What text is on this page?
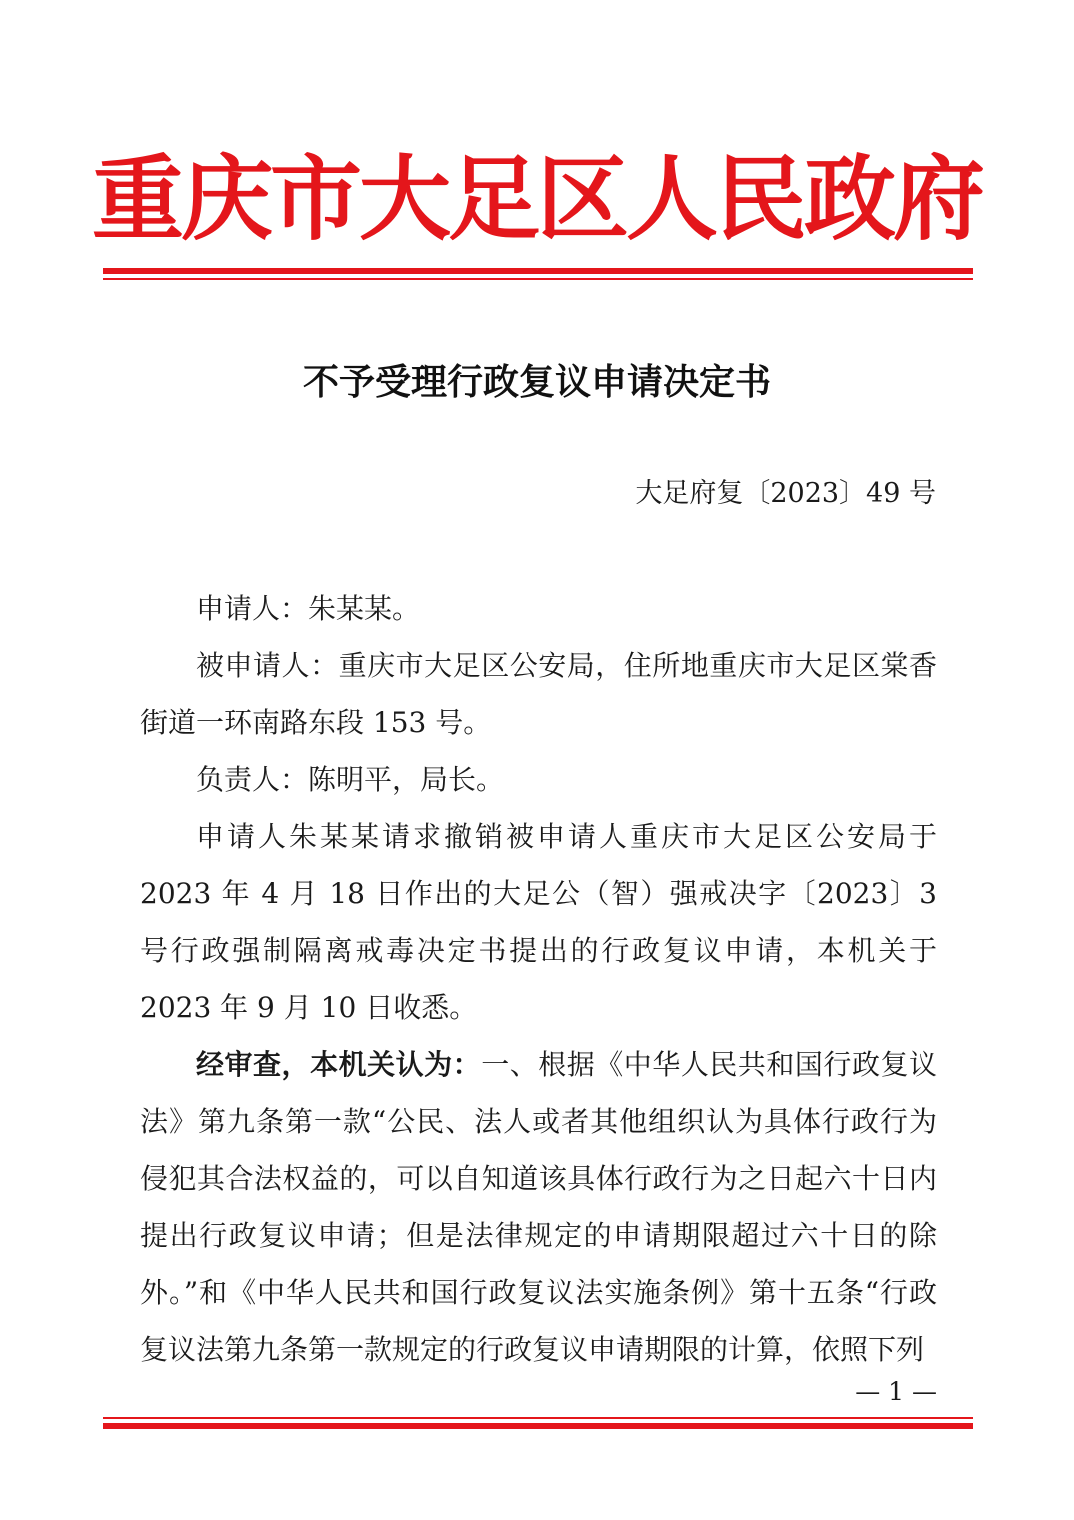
重庆市大足区人民政府
不予受理行政复议申请决定书
大足府复〔2023〕49 号

申请人：朱某某。

被申请人：重庆市大足区公安局，住所地重庆市大足区棠香街道一环南路东段 153 号。

负责人：陈明平，局长。

申请人朱某某请求撤销被申请人重庆市大足区公安局于 2023 年 4 月 18 日作出的大足公（智）强戒决字〔2023〕3 号行政强制隔离戒毒决定书提出的行政复议申请，本机关于 2023 年 9 月 10 日收悉。

经审查，本机关认为：一、根据《中华人民共和国行政复议法》第九条第一款“公民、法人或者其他组织认为具体行政行为侵犯其合法权益的，可以自知道该具体行政行为之日起六十日内提出行政复议申请；但是法律规定的申请期限超过六十日的除外。”和《中华人民共和国行政复议法实施条例》第十五条“行政复议法第九条第一款规定的行政复议申请期限的计算，依照下列

— 1 —
